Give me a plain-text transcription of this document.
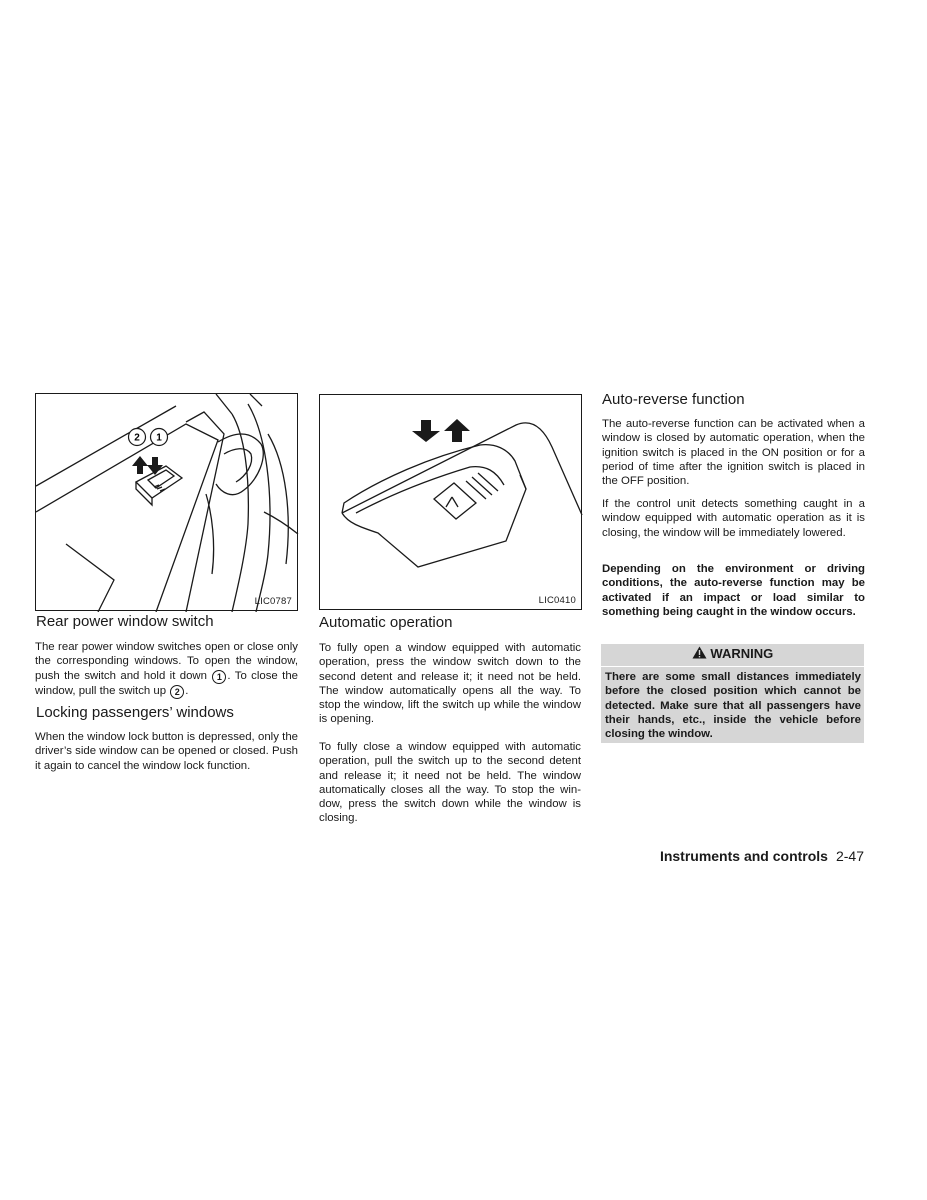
2 1
LIC0787	LIC0410
Rear power window switch

The rear power window switches open or close only the corresponding windows. To open the window, push the switch and hold it down 1 . To close the window, pull the switch up 2 .

Locking passengers’ windows

When the window lock button is depressed, only the driver’s side window can be opened or closed. Push it again to cancel the window lock function.

Automatic operation

To fully open a window equipped with automatic operation, press the window switch down to the second detent and release it; it need not be held. The window automatically opens all the way. To stop the window, lift the switch up while the window is opening.

To fully close a window equipped with automatic operation, pull the switch up to the second detent and release it; it need not be held. The window automatically closes all the way. To stop the window, press the switch down while the window is closing.

Auto-reverse function

The auto-reverse function can be activated when a window is closed by automatic operation, when the ignition switch is placed in the ON position or for a period of time after the ignition switch is placed in the OFF position.

If the control unit detects something caught in a window equipped with automatic operation as it is closing, the window will be immediately lowered.

Depending on the environment or driving conditions, the auto-reverse function may be activated if an impact or load similar to something being caught in the window occurs.

WARNING

There are some small distances immediately before the closed position which cannot be detected. Make sure that all passengers have their hands, etc., inside the vehicle before closing the window.

Instruments and controls 2-47
